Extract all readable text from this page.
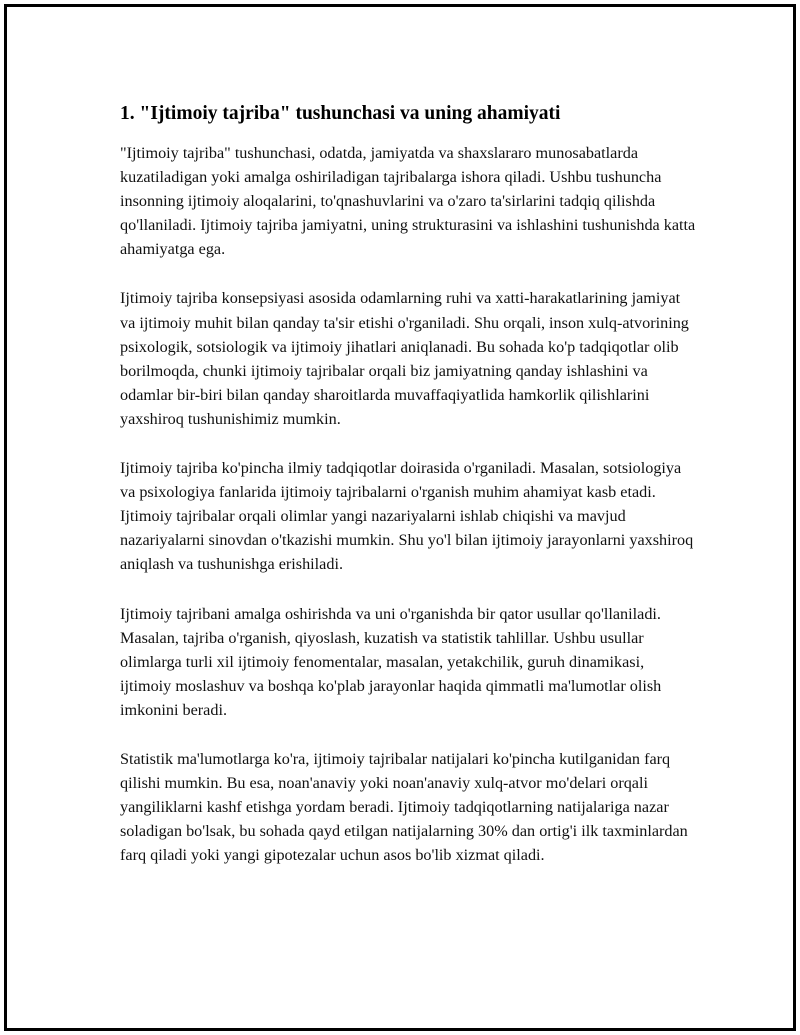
1. "Ijtimoiy tajriba" tushunchasi va uning ahamiyati

"Ijtimoiy tajriba" tushunchasi, odatda, jamiyatda va shaxslararo munosabatlarda kuzatiladigan yoki amalga oshiriladigan tajribalarga ishora qiladi. Ushbu tushuncha insonning ijtimoiy aloqalarini, to'qnashuvlarini va o'zaro ta'sirlarini tadqiq qilishda qo'llaniladi. Ijtimoiy tajriba jamiyatni, uning strukturasini va ishlashini tushunishda katta ahamiyatga ega.

Ijtimoiy tajriba konsepsiyasi asosida odamlarning ruhi va xatti-harakatlarining jamiyat va ijtimoiy muhit bilan qanday ta'sir etishi o'rganiladi. Shu orqali, inson xulq-atvorining psixologik, sotsiologik va ijtimoiy jihatlari aniqlanadi. Bu sohada ko'p tadqiqotlar olib borilmoqda, chunki ijtimoiy tajribalar orqali biz jamiyatning qanday ishlashini va odamlar bir-biri bilan qanday sharoitlarda muvaffaqiyatlida hamkorlik qilishlarini yaxshiroq tushunishimiz mumkin.

Ijtimoiy tajriba ko'pincha ilmiy tadqiqotlar doirasida o'rganiladi. Masalan, sotsiologiya va psixologiya fanlarida ijtimoiy tajribalarni o'rganish muhim ahamiyat kasb etadi. Ijtimoiy tajribalar orqali olimlar yangi nazariyalarni ishlab chiqishi va mavjud nazariyalarni sinovdan o'tkazishi mumkin. Shu yo'l bilan ijtimoiy jarayonlarni yaxshiroq aniqlash va tushunishga erishiladi.

Ijtimoiy tajribani amalga oshirishda va uni o'rganishda bir qator usullar qo'llaniladi. Masalan, tajriba o'rganish, qiyoslash, kuzatish va statistik tahlillar. Ushbu usullar olimlarga turli xil ijtimoiy fenomentalar, masalan, yetakchilik, guruh dinamikasi, ijtimoiy moslashuv va boshqa ko'plab jarayonlar haqida qimmatli ma'lumotlar olish imkonini beradi.

Statistik ma'lumotlarga ko'ra, ijtimoiy tajribalar natijalari ko'pincha kutilganidan farq qilishi mumkin. Bu esa, noan'anaviy yoki noan'anaviy xulq-atvor mo'delari orqali yangiliklarni kashf etishga yordam beradi. Ijtimoiy tadqiqotlarning natijalariga nazar soladigan bo'lsak, bu sohada qayd etilgan natijalarning 30% dan ortig'i ilk taxminlardan farq qiladi yoki yangi gipotezalar uchun asos bo'lib xizmat qiladi.
